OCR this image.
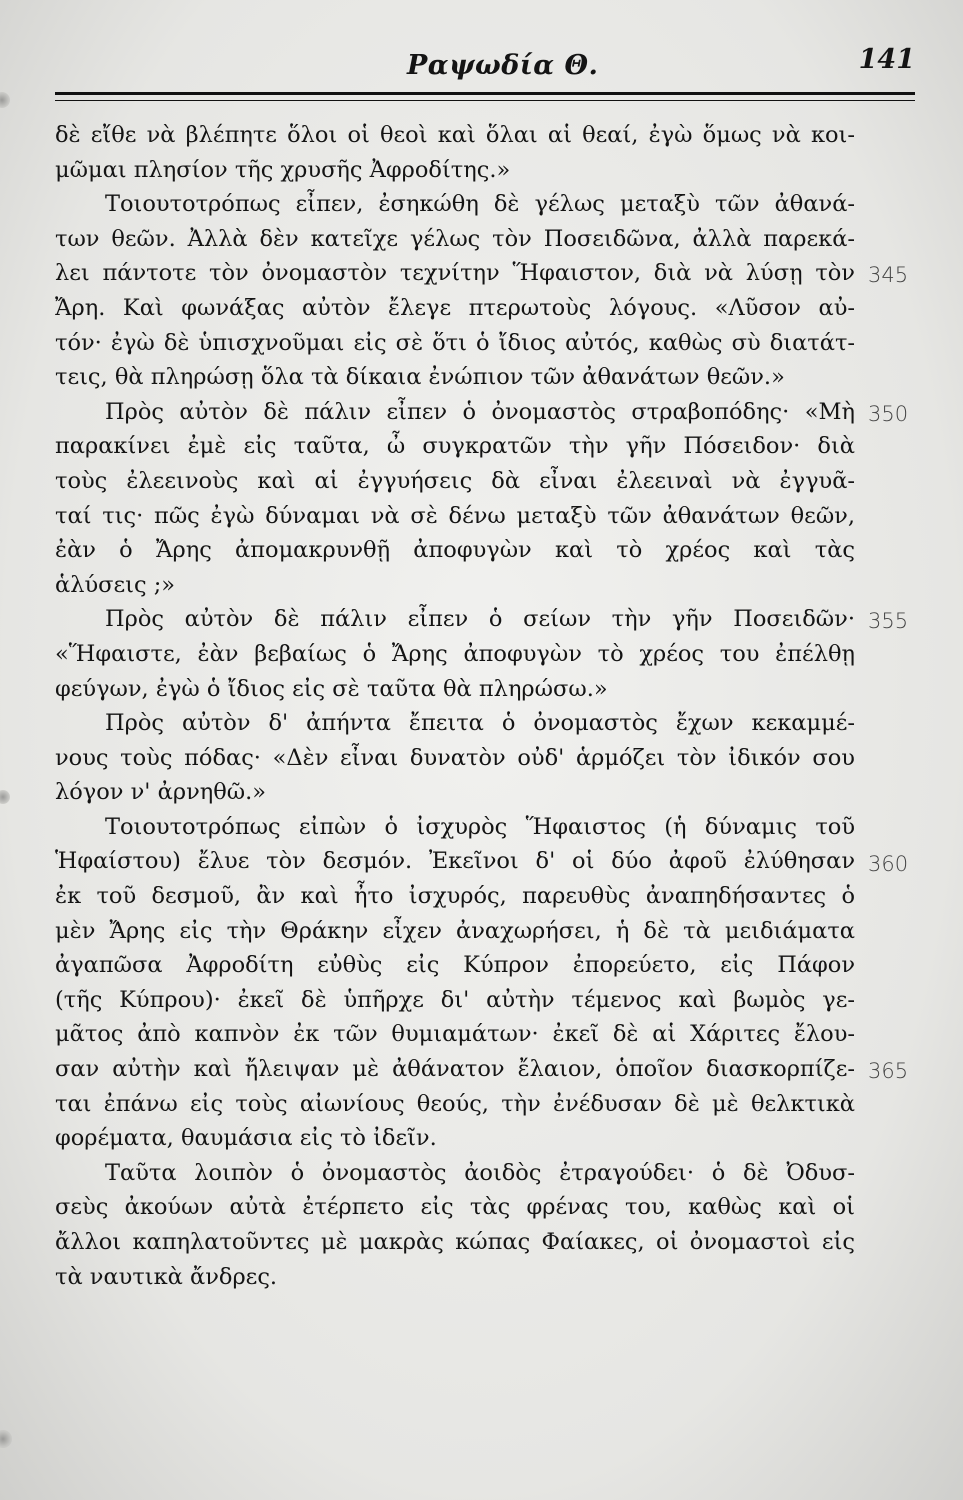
Ραψωδία Θ.	141
δὲ εἴθε νὰ βλέπητε ὅλοι οἱ θεοὶ καὶ ὅλαι αἱ θεαί, ἐγὼ ὅμως νὰ κοι-
μῶμαι πλησίον τῆς χρυσῆς Ἀφροδίτης.»
Τοιουτοτρόπως εἶπεν, ἐσηκώθη δὲ γέλως μεταξὺ τῶν ἀθανά-
των θεῶν. Ἀλλὰ δὲν κατεῖχε γέλως τὸν Ποσειδῶνα, ἀλλὰ παρεκά-
λει πάντοτε τὸν ὀνομαστὸν τεχνίτην Ἥφαιστον, διὰ νὰ λύσῃ τὸν
Ἄρη. Καὶ φωνάξας αὐτὸν ἔλεγε πτερωτοὺς λόγους. «Λῦσον αὐ-
τόν· ἐγὼ δὲ ὑπισχνοῦμαι εἰς σὲ ὅτι ὁ ἴδιος αὐτός, καθὼς σὺ διατάτ-
τεις, θὰ πληρώσῃ ὅλα τὰ δίκαια ἐνώπιον τῶν ἀθανάτων θεῶν.»
Πρὸς αὐτὸν δὲ πάλιν εἶπεν ὁ ὀνομαστὸς στραβοπόδης· «Μὴ
παρακίνει ἐμὲ εἰς ταῦτα, ὦ συγκρατῶν τὴν γῆν Πόσειδον· διὰ
τοὺς ἐλεεινοὺς καὶ αἱ ἐγγυήσεις δὰ εἶναι ἐλεειναὶ νὰ ἐγγυᾶ-
ταί τις· πῶς ἐγὼ δύναμαι νὰ σὲ δένω μεταξὺ τῶν ἀθανάτων θεῶν,
ἐὰν ὁ Ἄρης ἀπομακρυνθῇ ἀποφυγὼν καὶ τὸ χρέος καὶ τὰς
ἁλύσεις ;»
Πρὸς αὐτὸν δὲ πάλιν εἶπεν ὁ σείων τὴν γῆν Ποσειδῶν·
«Ἥφαιστε, ἐὰν βεβαίως ὁ Ἄρης ἀποφυγὼν τὸ χρέος του ἐπέλθῃ
φεύγων, ἐγὼ ὁ ἴδιος εἰς σὲ ταῦτα θὰ πληρώσω.»
Πρὸς αὐτὸν δ' ἀπήντα ἔπειτα ὁ ὀνομαστὸς ἔχων κεκαμμέ-
νους τοὺς πόδας· «Δὲν εἶναι δυνατὸν οὐδ' ἁρμόζει τὸν ἰδικόν σου
λόγον ν' ἀρνηθῶ.»
Τοιουτοτρόπως εἰπὼν ὁ ἰσχυρὸς Ἥφαιστος (ἡ δύναμις τοῦ
Ἡφαίστου) ἔλυε τὸν δεσμόν. Ἐκεῖνοι δ' οἱ δύο ἀφοῦ ἐλύθησαν
ἐκ τοῦ δεσμοῦ, ἂν καὶ ἦτο ἰσχυρός, παρευθὺς ἀναπηδήσαντες ὁ
μὲν Ἄρης εἰς τὴν Θράκην εἶχεν ἀναχωρήσει, ἡ δὲ τὰ μειδιάματα
ἀγαπῶσα Ἀφροδίτη εὐθὺς εἰς Κύπρον ἐπορεύετο, εἰς Πάφον
(τῆς Κύπρου)· ἐκεῖ δὲ ὑπῆρχε δι' αὐτὴν τέμενος καὶ βωμὸς γε-
μᾶτος ἀπὸ καπνὸν ἐκ τῶν θυμιαμάτων· ἐκεῖ δὲ αἱ Χάριτες ἔλου-
σαν αὐτὴν καὶ ἤλειψαν μὲ ἀθάνατον ἔλαιον, ὁποῖον διασκορπίζε-
ται ἐπάνω εἰς τοὺς αἰωνίους θεούς, τὴν ἐνέδυσαν δὲ μὲ θελκτικὰ
φορέματα, θαυμάσια εἰς τὸ ἰδεῖν.
Ταῦτα λοιπὸν ὁ ὀνομαστὸς ἀοιδὸς ἐτραγούδει· ὁ δὲ Ὀδυσ-
σεὺς ἀκούων αὐτὰ ἐτέρπετο εἰς τὰς φρένας του, καθὼς καὶ οἱ
ἄλλοι καπηλατοῦντες μὲ μακρὰς κώπας Φαίακες, οἱ ὀνομαστοὶ εἰς
τὰ ναυτικὰ ἄνδρες.
345
350
355
360
365
